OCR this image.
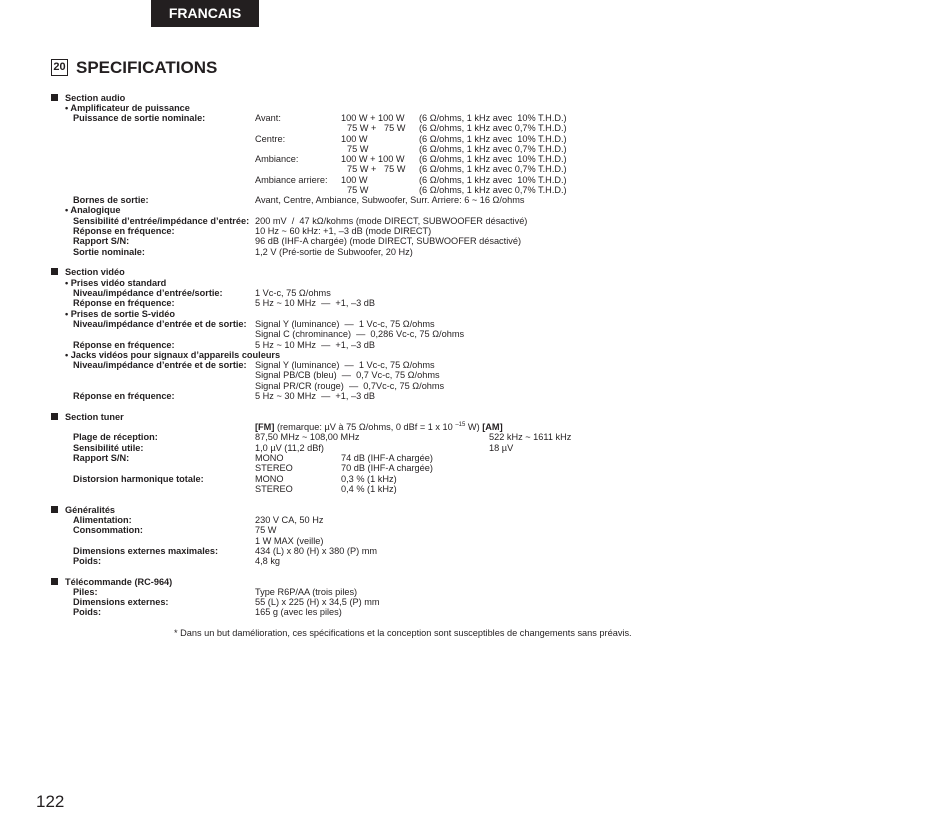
FRANCAIS
20 SPECIFICATIONS
Section audio
• Amplificateur de puissance
Puissance de sortie nominale:	Avant:	100 W + 100 W (6 Ω/ohms, 1 kHz avec  10% T.H.D.)
75 W +   75 W (6 Ω/ohms, 1 kHz avec 0,7% T.H.D.)
Centre:	100 W	(6 Ω/ohms, 1 kHz avec  10% T.H.D.)
75 W	(6 Ω/ohms, 1 kHz avec 0,7% T.H.D.)
Ambiance:	100 W + 100 W (6 Ω/ohms, 1 kHz avec  10% T.H.D.)
75 W +   75 W (6 Ω/ohms, 1 kHz avec 0,7% T.H.D.)
Ambiance arriere: 100 W	(6 Ω/ohms, 1 kHz avec  10% T.H.D.)
75 W	(6 Ω/ohms, 1 kHz avec 0,7% T.H.D.)
Bornes de sortie:	Avant, Centre, Ambiance, Subwoofer, Surr. Arriere: 6 ~ 16 Ω/ohms
• Analogique
Sensibilité d’entrée/impédance d’entrée: 200 mV  /  47 kΩ/kohms (mode DIRECT, SUBWOOFER désactivé)
Réponse en fréquence:	10 Hz ~ 60 kHz: +1, –3 dB (mode DIRECT)
Rapport S/N:	96 dB (IHF-A chargée) (mode DIRECT, SUBWOOFER désactivé)
Sortie nominale:	1,2 V (Pré-sortie de Subwoofer, 20 Hz)
Section vidéo
• Prises vidéo standard
Niveau/impédance d’entrée/sortie:	1 Vc-c, 75 Ω/ohms
Réponse en fréquence:	5 Hz ~ 10 MHz  —  +1, –3 dB
• Prises de sortie S-vidéo
Niveau/impédance d’entrée et de sortie: Signal Y (luminance)  —  1 Vc-c, 75 Ω/ohms
Signal C (chrominance)  —  0,286 Vc-c, 75 Ω/ohms
Réponse en fréquence:	5 Hz ~ 10 MHz  —  +1, –3 dB
• Jacks vidéos pour signaux d’appareils couleurs
Niveau/impédance d’entrée et de sortie: Signal Y (luminance)  —  1 Vc-c, 75 Ω/ohms
Signal PB/CB (bleu)  —  0,7 Vc-c, 75 Ω/ohms
Signal PR/CR (rouge)  —  0,7Vc-c, 75 Ω/ohms
Réponse en fréquence:	5 Hz ~ 30 MHz  —  +1, –3 dB
Section tuner
[FM] (remarque: µV à 75 Ω/ohms, 0 dBf = 1 x 10 $^{-15}$ W) [AM]
Plage de réception:	87,50 MHz ~ 108,00 MHz	522 kHz ~ 1611 kHz
Sensibilité utile:	1,0 µV (11,2 dBf)	18 µV
Rapport S/N:	MONO	74 dB (IHF-A chargée)
STEREO	70 dB (IHF-A chargée)
Distorsion harmonique totale:	MONO	0,3 % (1 kHz)
STEREO	0,4 % (1 kHz)
Généralités
Alimentation:	230 V CA, 50 Hz
Consommation:	75 W
1 W MAX (veille)
Dimensions externes maximales:	434 (L) x 80 (H) x 380 (P) mm
Poids:	4,8 kg
Télécommande (RC-964)
Piles:	Type R6P/AA (trois piles)
Dimensions externes:	55 (L) x 225 (H) x 34,5 (P) mm
Poids:	165 g (avec les piles)
* Dans un but damélioration, ces spécifications et la conception sont susceptibles de changements sans préavis.
122
